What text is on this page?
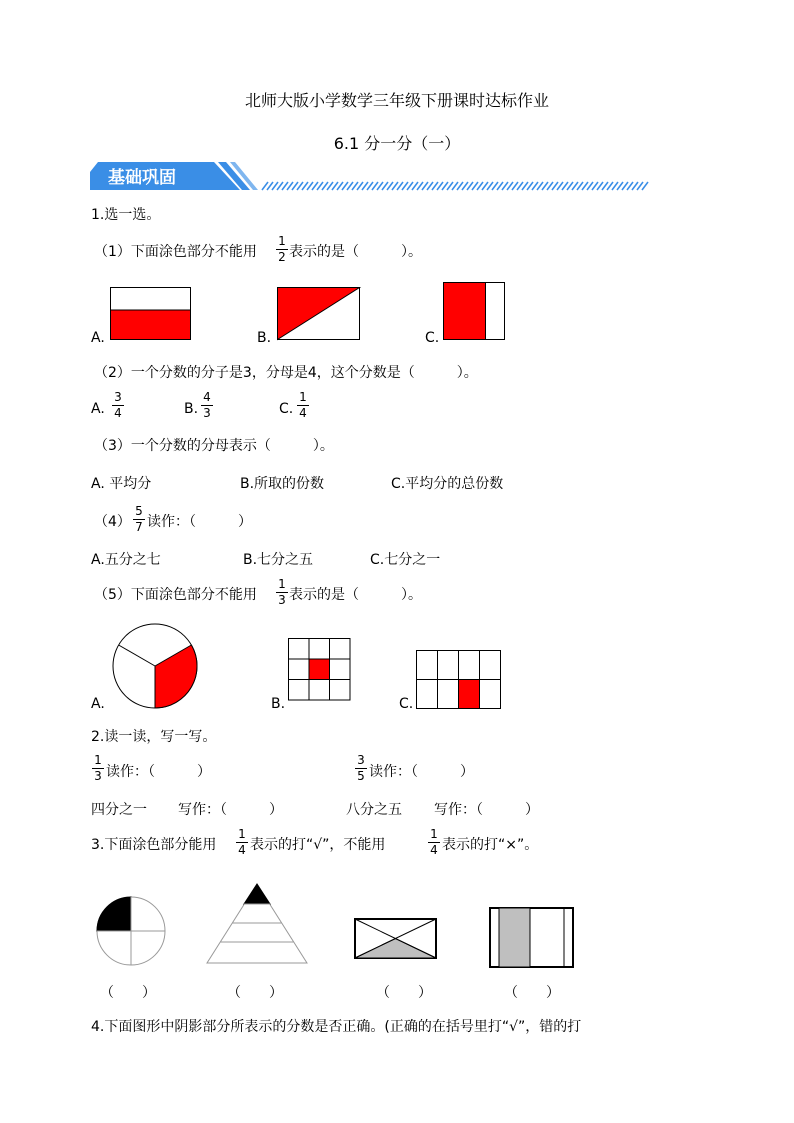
北师大版小学数学三年级下册课时达标作业
6.1 分一分（一）
基础巩固
1.选一选。
（1）下面涂色部分不能用
1
2 表示的是（　　　）。
A.	B.	C.
（2）一个分数的分子是3，分母是4，这个分数是（　　　）。
A.
3
4	B.
4
3	C.
1
4
（3）一个分数的分母表示（　　　）。
A. 平均分	B.所取的份数	C.平均分的总份数
（4）
5
7 读作：（　　　）
A.五分之七	B.七分之五	C.七分之一
（5）下面涂色部分不能用
1
3 表示的是（　　　）。
A.	B.	C.
2.读一读，写一写。
1
3 读作：（　　　）
3
5 读作：（　　　）
四分之一 写作：（　　　）	八分之五 写作：（　　　）
3.下面涂色部分能用
1
4 表示的打“√”，不能用
1
4 表示的打“×”。
（　　）	（　　）	（　　）	（　　）
4.下面图形中阴影部分所表示的分数是否正确。(正确的在括号里打“√”，错的打
